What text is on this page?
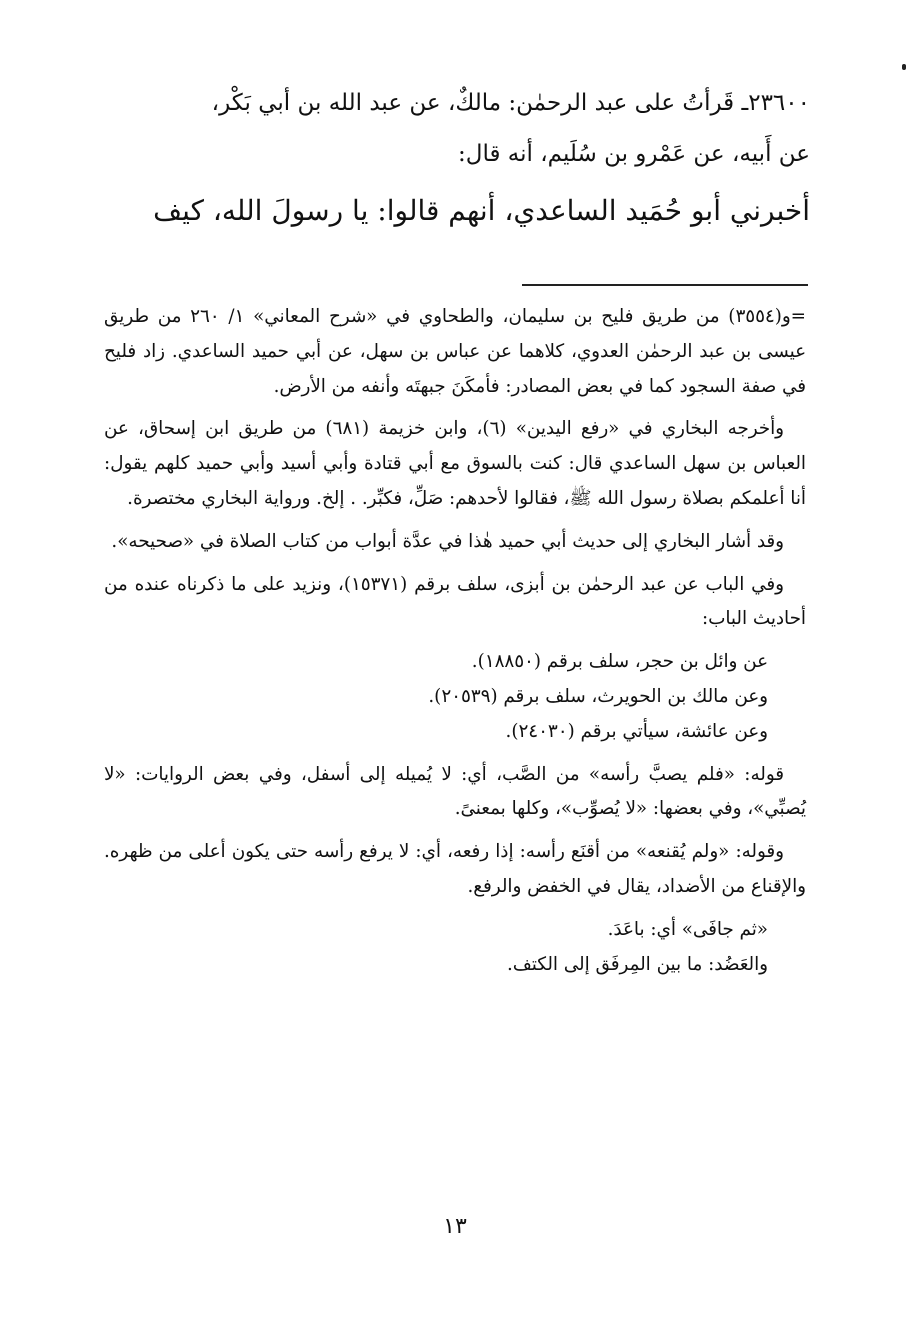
٢٣٦٠٠ـ قَرأتُ على عبد الرحمٰن: مالكٌ، عن عبد الله بن أبي بَكْر،
عن أَبيه، عن عَمْرو بن سُلَيم، أنه قال:
أخبرني أبو حُمَيد الساعدي، أنهم قالوا: يا رسولَ الله، كيف

=و(٣٥٥٤) من طريق فليح بن سليمان، والطحاوي في «شرح المعاني» ١/ ٢٦٠ من طريق عيسى بن عبد الرحمٰن العدوي، كلاهما عن عباس بن سهل، عن أبي حميد الساعدي. زاد فليح في صفة السجود كما في بعض المصادر: فأمكَنَ جبهتَه وأنفه من الأرض.

وأخرجه البخاري في «رفع اليدين» (٦)، وابن خزيمة (٦٨١) من طريق ابن إسحاق، عن العباس بن سهل الساعدي قال: كنت بالسوق مع أبي قتادة وأبي أسيد وأبي حميد كلهم يقول: أنا أعلمكم بصلاة رسول الله ﷺ، فقالوا لأحدهم: صَلِّ، فكبِّر. . إلخ. ورواية البخاري مختصرة.

وقد أشار البخاري إلى حديث أبي حميد هٰذا في عدَّة أبواب من كتاب الصلاة في «صحيحه».

وفي الباب عن عبد الرحمٰن بن أبزى، سلف برقم (١٥٣٧١)، ونزيد على ما ذكرناه عنده من أحاديث الباب:

عن وائل بن حجر، سلف برقم (١٨٨٥٠).

وعن مالك بن الحويرث، سلف برقم (٢٠٥٣٩).

وعن عائشة، سيأتي برقم (٢٤٠٣٠).

قوله: «فلم يصبَّ رأسه» من الصَّب، أي: لا يُميله إلى أسفل، وفي بعض الروايات: «لا يُصبِّي»، وفي بعضها: «لا يُصوِّب»، وكلها بمعنىً.

وقوله: «ولم يُقنعه» من أقنَع رأسه: إذا رفعه، أي: لا يرفع رأسه حتى يكون أعلى من ظهره. والإقناع من الأضداد، يقال في الخفض والرفع.

«ثم جافَى» أي: باعَدَ.

والعَضُد: ما بين المِرفَق إلى الكتف.

١٣
